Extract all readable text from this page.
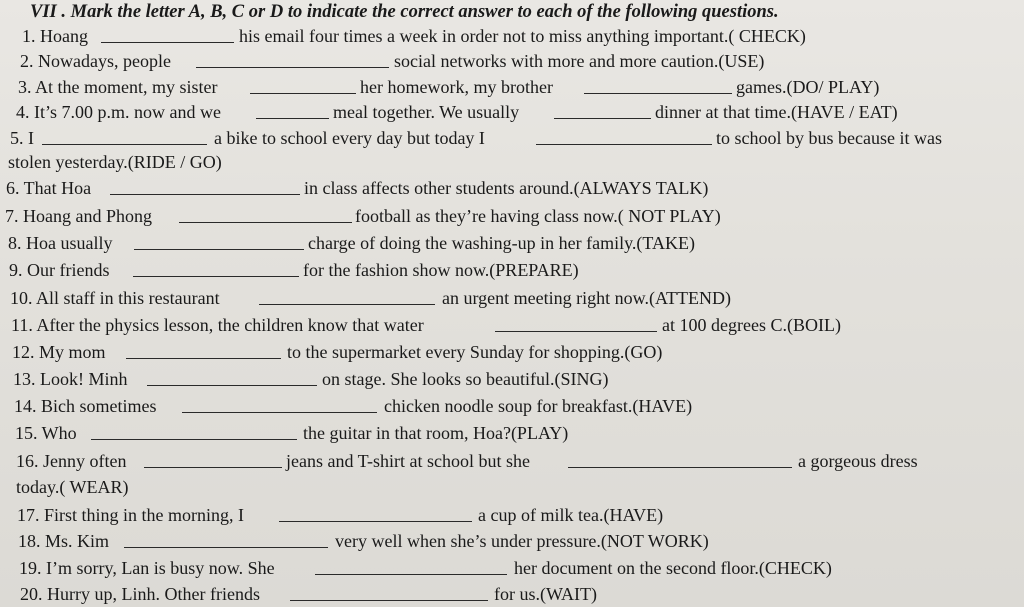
VII . Mark the letter A, B, C or D to indicate the correct answer to each of the following questions.
1. Hoang	his email four times a week in order not to miss anything important.( CHECK)
2. Nowadays, people	social networks with more and more caution.(USE)
3. At the moment, my sister	her homework, my brother	games.(DO/ PLAY)
4. It’s 7.00 p.m. now and we	meal together. We usually	dinner at that time.(HAVE / EAT)
5. I	a bike to school every day but today I	to school by bus because it was
stolen yesterday.(RIDE / GO)
6. That Hoa	in class affects other students around.(ALWAYS TALK)
7. Hoang and Phong	football as they’re having class now.( NOT PLAY)
8. Hoa usually	charge of doing the washing-up in her family.(TAKE)
9. Our friends	for the fashion show now.(PREPARE)
10. All staff in this restaurant	an urgent meeting right now.(ATTEND)
11. After the physics lesson, the children know that water	at 100 degrees C.(BOIL)
12. My mom	to the supermarket every Sunday for shopping.(GO)
13. Look! Minh	on stage. She looks so beautiful.(SING)
14. Bich sometimes	chicken noodle soup for breakfast.(HAVE)
15. Who	the guitar in that room, Hoa?(PLAY)
16. Jenny often	jeans and T-shirt at school but she	a gorgeous dress
today.( WEAR)
17. First thing in the morning, I	a cup of milk tea.(HAVE)
18. Ms. Kim	very well when she’s under pressure.(NOT WORK)
19. I’m sorry, Lan is busy now. She	her document on the second floor.(CHECK)
20. Hurry up, Linh. Other friends	for us.(WAIT)
